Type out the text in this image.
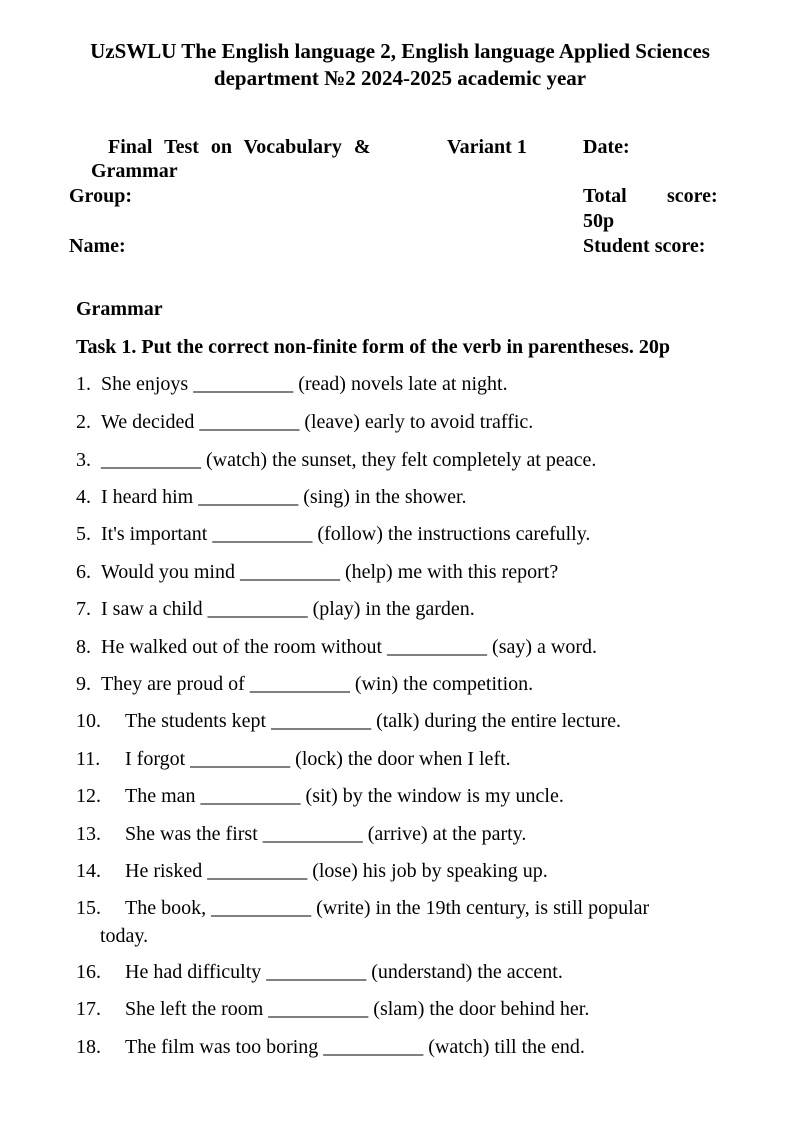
UzSWLU The English language 2, English language Applied Sciences
department №2 2024-2025 academic year
Final Test on Vocabulary &
Grammar
Variant 1	Date:
Group:	Total score:
50p
Name:	Student score:
Grammar
Task 1. Put the correct non-finite form of the verb in parentheses. 20p
1. She enjoys __________ (read) novels late at night.
2. We decided __________ (leave) early to avoid traffic.
3. __________ (watch) the sunset, they felt completely at peace.
4. I heard him __________ (sing) in the shower.
5. It's important __________ (follow) the instructions carefully.
6. Would you mind __________ (help) me with this report?
7. I saw a child __________ (play) in the garden.
8. He walked out of the room without __________ (say) a word.
9. They are proud of __________ (win) the competition.
10. The students kept __________ (talk) during the entire lecture.
11. I forgot __________ (lock) the door when I left.
12. The man __________ (sit) by the window is my uncle.
13. She was the first __________ (arrive) at the party.
14. He risked __________ (lose) his job by speaking up.
15. The book, __________ (write) in the 19th century, is still popular
today.
16. He had difficulty __________ (understand) the accent.
17. She left the room __________ (slam) the door behind her.
18. The film was too boring __________ (watch) till the end.
